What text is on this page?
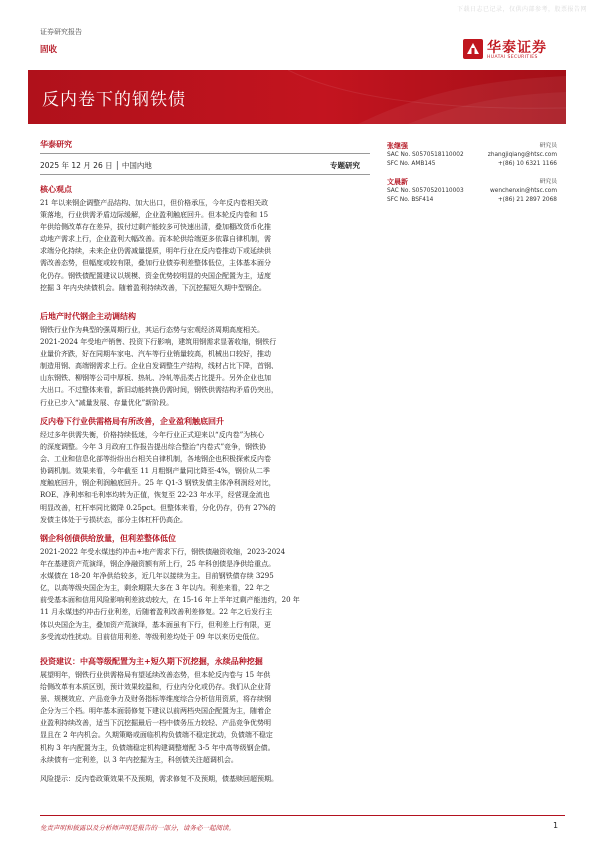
下载日志已记录，仅供内部参考，股票报告网
证券研究报告
固收	华泰证券
HUATAI SECURITIES
反内卷下的钢铁债
华泰研究
2025 年 12 月 26 日 │ 中国内地	专题研究
张继强	研究员
SAC No. S0570518110002	zhangjiqiang@htsc.com
SFC No. AMB145	+(86) 10 6321 1166
文晨新	研究员
SAC No. S0570520110003	wenchenxin@htsc.com
SFC No. BSF414	+(86) 21 2897 2068
核心观点
21 年以来钢企调整产品结构、加大出口，但价格承压，今年反内卷相关政
策落地，行业供需矛盾边际缓解，企业盈利触底回升。但本轮反内卷和 15
年供给侧改革存在差异，拔付过剩产能较多可快速出清，叠加棚改货币化推
动地产需求上行，企业盈利大幅改善。而本轮供给端更多依靠自律机制，需
求端分化持续，未来企业仍需减量提质，明年行业在反内卷推动下或延续供
需改善态势，但幅度或较有限，叠加行业债券利差整体低位，主体基本面分
化仍存。钢铁债配置建议以规模、资金优势较明显的央国企配置为主，适度
挖掘 3 年内央续债机会。随着盈利持续改善，下沉挖掘短久期中型钢企。
后地产时代钢企主动调结构
钢铁行业作为典型的强周期行业，其运行态势与宏观经济周期高度相关。
2021-2024 年受地产销售、投资下行影响，建筑用钢需求显著收缩，钢铁行
业量价齐跌，好在同期车家电、汽车等行业销量较高，机械出口较好，推动
制造用钢、高端钢需求上行。企业自发调整生产结构，线材占比下降，首钢、
山东钢铁、柳钢等公司中厚板、热轧、冷轧等品类占比提升。另外企业也加
大出口。不过整体来看，新旧动能转换仍需时间，钢铁供需结构矛盾仍突出，
行业已步入“减量发展、存量优化”新阶段。
反内卷下行业供需格局有所改善，企业盈利触底回升
经过多年供需失衡，价格持续低迷，今年行业正式迎来以“反内卷”为核心
的深度调整。今年 3 月政府工作报告提出综合整治“内卷式”竞争，钢铁协
会、工业和信息化部等纷纷出台相关自律机制，各地钢企也积极探索反内卷
协调机制。效果来看，今年截至 11 月粗钢产量同比降至-4%，钢价从二季
度触底回升，钢企利润触底回升。25 年 Q1-3 钢铁发债主体净利润经对比，
ROE、净利率和毛利率均转为正值，恢复至 22-23 年水平，经营现金流也
明显改善，杠杆率同比微降 0.25pct。但整体来看，分化仍存，仍有 27%的
发债主体处于亏损状态，部分主体杠杆仍高企。
钢企科创债供给放量，但利差整体低位
2021-2022 年受水煤违约冲击+地产需求下行，钢铁债融资收缩，2023-2024
年在基建资产荒演绎，钢企净融资额有所上行，25 年科创债是净供给重点。
水煤债在 18-20 年净供给较多，近几年以接续为主。目前钢铁债存续 3295
亿，以高等级央国企为主，剩余期限大多在 3 年以内。利差来看，22 年之
前受基本面和信用风险影响利差波动较大，在 15-16 年上半年过剩产能违约，20 年
11 月永煤违约冲击行业利差，后随着盈利改善利差修复。22 年之后发行主
体以央国企为主，叠加资产荒演绎，基本面虽有下行，但利差上行有限，更
多受流动性扰动。目前信用利差、等级利差均处于 09 年以来历史低位。
投资建议：中高等级配置为主+短久期下沉挖掘，永续品种挖掘
展望明年，钢铁行业供需格局有望延续改善态势，但本轮反内卷与 15 年供
给侧改革有本质区别，预计效果较温和，行业内分化或仍存。我们从企业背
景、规模效应、产品竞争力及财务指标等维度综合分析信用资质，将存续钢
企分为三个档。明年基本面弱修复下建议以前两档央国企配置为主，随着企
业盈利持续改善，适当下沉挖掘最后一档中债务压力较轻、产品竞争优势明
显且在 2 年内机会。久期策略或面临机构负债端不稳定扰动，负债端不稳定
机构 3 年内配置为主，负债端稳定机构建调整增配 3-5 年中高等级钢企债。
永续债有一定利差，以 3 年内挖掘为主，科创债关注超调机会。
风险提示：反内卷政策效果不及预期，需求修复不及预期，债基赎回超预期。
免责声明和披露以及分析师声明是报告的一部分，请务必一起阅读。	1
